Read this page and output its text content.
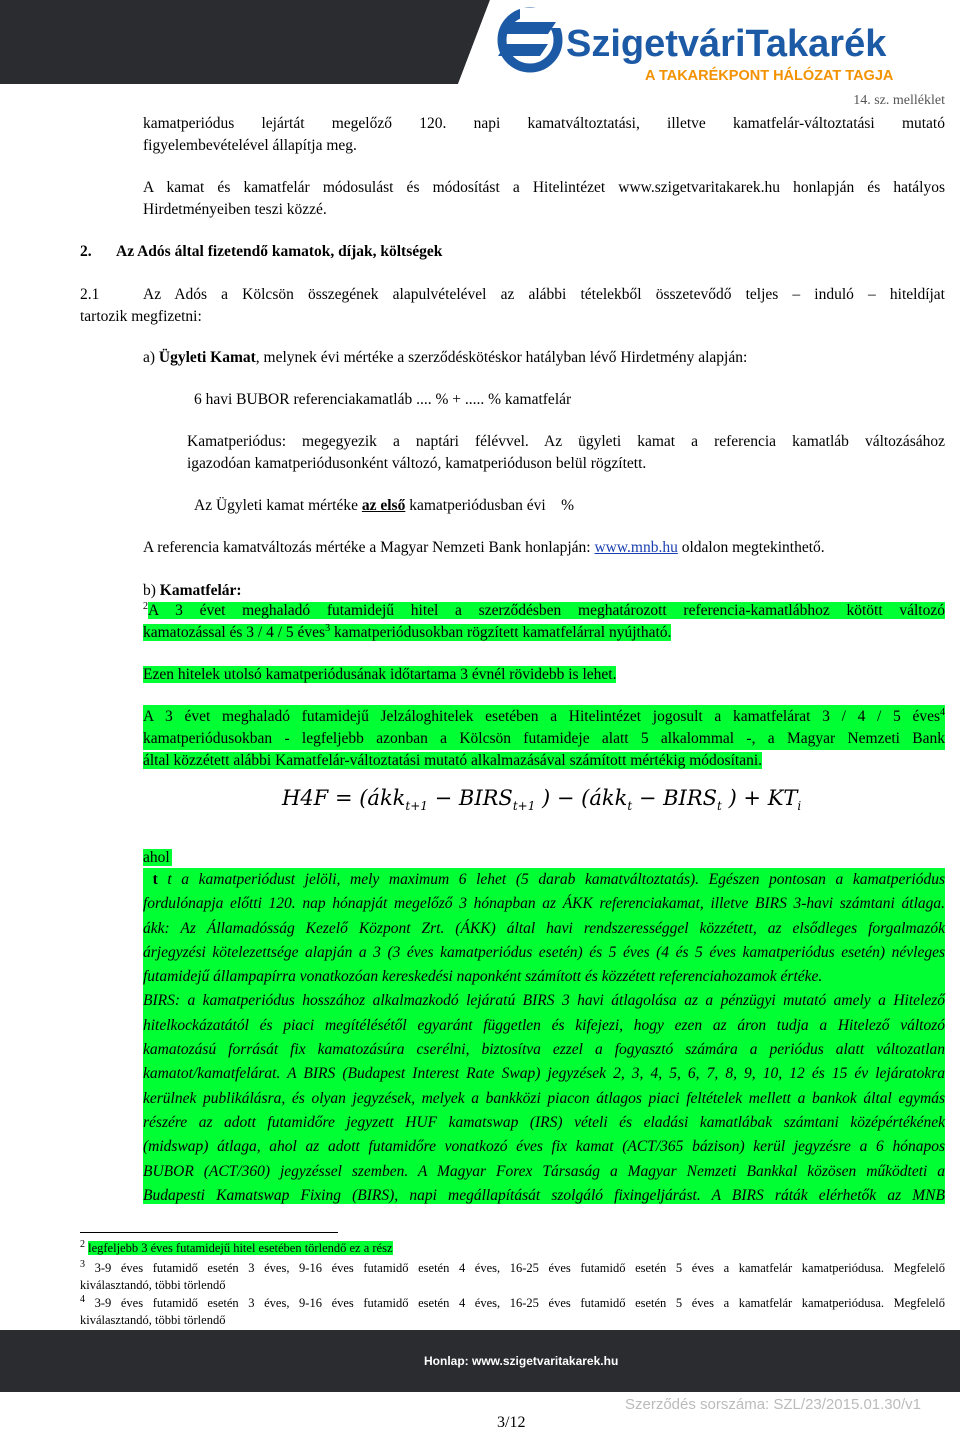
SzigetváriTakarék
A TAKARÉKPONT HÁLÓZAT TAGJA
14. sz. melléklet
kamatperiódus lejártát megelőző 120. napi kamatváltoztatási, illetve kamatfelár-változtatási mutató
figyelembevételével állapítja meg.
A kamat és kamatfelár módosulást és módosítást a Hitelintézet www.szigetvaritakarek.hu honlapján és hatályos
Hirdetményeiben teszi közzé.
2. Az Adós által fizetendő kamatok, díjak, költségek
2.1	Az Adós a Kölcsön összegének alapulvételével az alábbi tételekből összetevődő teljes – induló – hiteldíjat
tartozik megfizetni:
a) Ügyleti Kamat, melynek évi mértéke a szerződéskötéskor hatályban lévő Hirdetmény alapján:
6 havi BUBOR referenciakamatláb .... % + ..... % kamatfelár
Kamatperiódus: megegyezik a naptári félévvel. Az ügyleti kamat a referencia kamatláb változásához
igazodóan kamatperiódusonként változó, kamatperióduson belül rögzített.
Az Ügyleti kamat mértéke az első kamatperiódusban évi    %
A referencia kamatváltozás mértéke a Magyar Nemzeti Bank honlapján: www.mnb.hu oldalon megtekinthető.
b) Kamatfelár:
$^2$A 3 évet meghaladó futamidejű hitel a szerződésben meghatározott referencia-kamatlábhoz kötött változó
kamatozással és 3 / 4 / 5 éves$^3$ kamatperiódusokban rögzített kamatfelárral nyújtható.
Ezen hitelek utolsó kamatperiódusának időtartama 3 évnél rövidebb is lehet.
A 3 évet meghaladó futamidejű Jelzáloghitelek esetében a Hitelintézet jogosult a kamatfelárat 3 / 4 / 5 éves$^4$
kamatperiódusokban - legfeljebb azonban a Kölcsön futamideje alatt 5 alkalommal -, a Magyar Nemzeti Bank
által közzétett alábbi Kamatfelár-változtatási mutató alkalmazásával számított mértékig módosítani.
H4F = (ákk$_{t+1}$ − $BIRS_{t+1}$ ) − (ákk$_t$ − $BIRS_t$ ) + $KT_i$
ahol
t t a kamatperiódust jelöli, mely maximum 6 lehet (5 darab kamatváltoztatás). Egészen pontosan a kamatperiódus
fordulónapja előtti 120. nap hónapját megelőző 3 hónapban az ÁKK referenciakamat, illetve BIRS 3-havi számtani átlaga.
ákk: Az Államadósság Kezelő Központ Zrt. (ÁKK) által havi rendszerességgel közzétett, az elsődleges forgalmazók
árjegyzési kötelezettsége alapján a 3 (3 éves kamatperiódus esetén) és 5 éves (4 és 5 éves kamatperiódus esetén) névleges
futamidejű állampapírra vonatkozóan kereskedési naponként számított és közzétett referenciahozamok értéke.
BIRS: a kamatperiódus hosszához alkalmazkodó lejáratú BIRS 3 havi átlagolása az a pénzügyi mutató amely a Hitelező
hitelkockázatától és piaci megítélésétől egyaránt független és kifejezi, hogy ezen az áron tudja a Hitelező változó
kamatozású forrását fix kamatozásúra cserélni, biztosítva ezzel a fogyasztó számára a periódus alatt változatlan
kamatot/kamatfelárat. A BIRS (Budapest Interest Rate Swap) jegyzések 2, 3, 4, 5, 6, 7, 8, 9, 10, 12 és 15 év lejáratokra
kerülnek publikálásra, és olyan jegyzések, melyek a bankközi piacon átlagos piaci feltételek mellett a bankok által egymás
részére az adott futamidőre jegyzett HUF kamatswap (IRS) vételi és eladási kamatlábak számtani középértékének
(midswap) átlaga, ahol az adott futamidőre vonatkozó éves fix kamat (ACT/365 bázison) kerül jegyzésre a 6 hónapos
BUBOR (ACT/360) jegyzéssel szemben. A Magyar Forex Társaság a Magyar Nemzeti Bankkal közösen működteti a
Budapesti Kamatswap Fixing (BIRS), napi megállapítását szolgáló fixingeljárást. A BIRS ráták elérhetők az MNB
$^2$ legfeljebb 3 éves futamidejű hitel esetében törlendő ez a rész
$^3$ 3-9 éves futamidő esetén 3 éves, 9-16 éves futamidő esetén 4 éves, 16-25 éves futamidő esetén 5 éves a kamatfelár kamatperiódusa. Megfelelő
kiválasztandó, többi törlendő
$^4$ 3-9 éves futamidő esetén 3 éves, 9-16 éves futamidő esetén 4 éves, 16-25 éves futamidő esetén 5 éves a kamatfelár kamatperiódusa. Megfelelő
kiválasztandó, többi törlendő
Honlap: www.szigetvaritakarek.hu
Szerződés sorszáma: SZL/23/2015.01.30/v1
3/12
